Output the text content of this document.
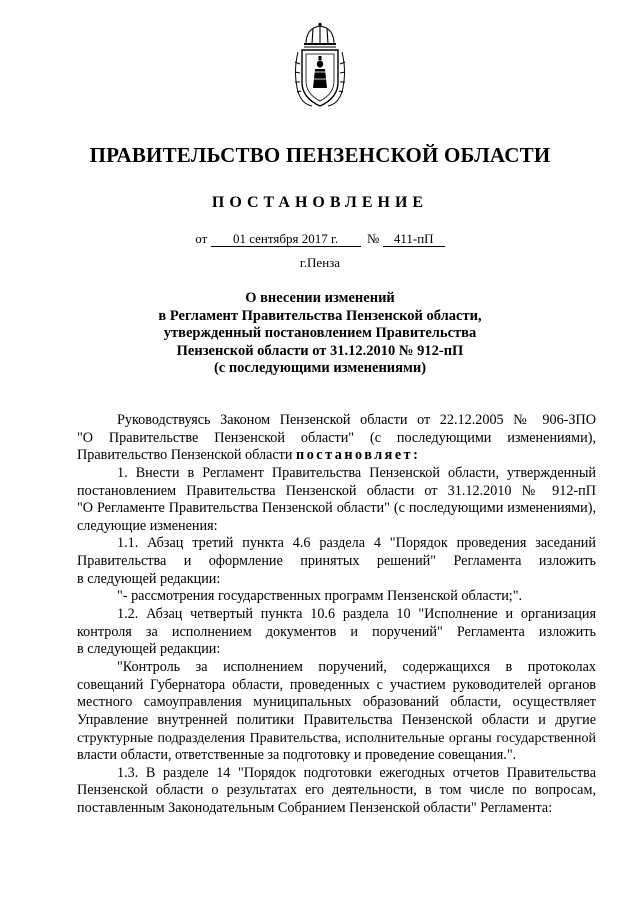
ПРАВИТЕЛЬСТВО ПЕНЗЕНСКОЙ ОБЛАСТИ
ПОСТАНОВЛЕНИЕ
от 01 сентября 2017 г. № 411-пП
г.Пенза
О внесении изменений
в Регламент Правительства Пензенской области,
утвержденный постановлением Правительства
Пензенской области от 31.12.2010 № 912-пП
(с последующими изменениями)
Руководствуясь Законом Пензенской области от 22.12.2005 № 906-ЗПО
"О Правительстве Пензенской области" (с последующими изменениями),
Правительство Пензенской области постановляет:
1. Внести в Регламент Правительства Пензенской области, утвержденный
постановлением Правительства Пензенской области от 31.12.2010 № 912-пП
"О Регламенте Правительства Пензенской области" (с последующими изменениями),
следующие изменения:
1.1. Абзац третий пункта 4.6 раздела 4 "Порядок проведения заседаний
Правительства и оформление принятых решений" Регламента изложить
в следующей редакции:
"- рассмотрения государственных программ Пензенской области;".
1.2. Абзац четвертый пункта 10.6 раздела 10 "Исполнение и организация
контроля за исполнением документов и поручений" Регламента изложить
в следующей редакции:
"Контроль за исполнением поручений, содержащихся в протоколах
совещаний Губернатора области, проведенных с участием руководителей органов
местного самоуправления муниципальных образований области, осуществляет
Управление внутренней политики Правительства Пензенской области и другие
структурные подразделения Правительства, исполнительные органы государственной
власти области, ответственные за подготовку и проведение совещания.".
1.3. В разделе 14 "Порядок подготовки ежегодных отчетов Правительства
Пензенской области о результатах его деятельности, в том числе по вопросам,
поставленным Законодательным Собранием Пензенской области" Регламента:
